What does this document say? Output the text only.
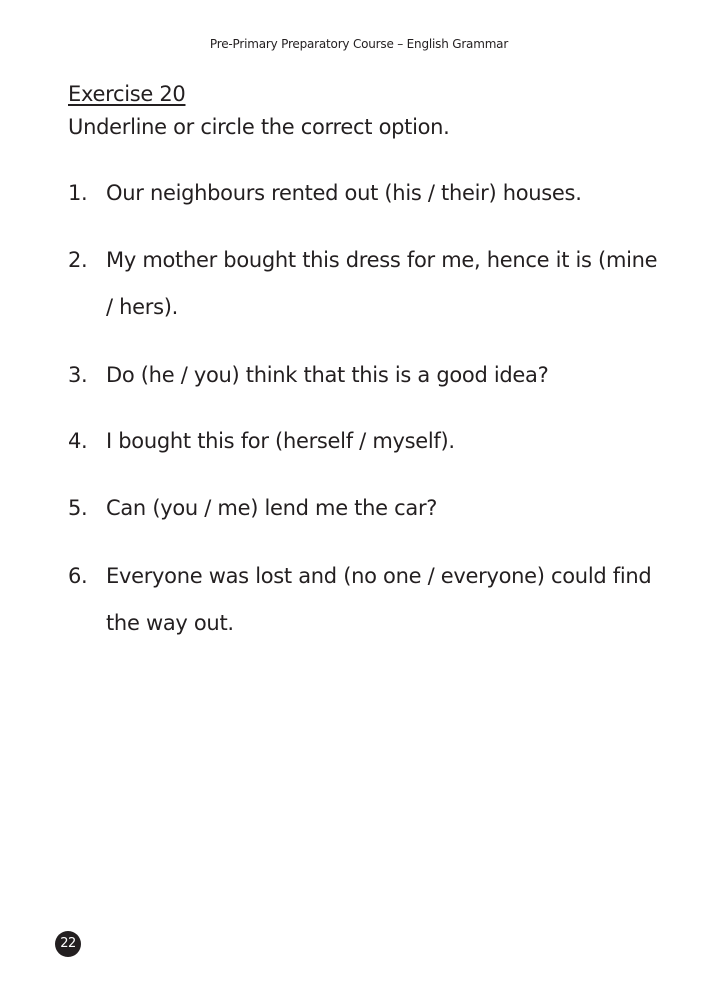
Pre-Primary Preparatory Course – English Grammar
Exercise 20
Underline or circle the correct option.
1. Our neighbours rented out (his / their) houses.
2. My mother bought this dress for me, hence it is (mine / hers).
3. Do (he / you) think that this is a good idea?
4. I bought this for (herself / myself).
5. Can (you / me) lend me the car?
6. Everyone was lost and (no one / everyone) could find the way out.
22
